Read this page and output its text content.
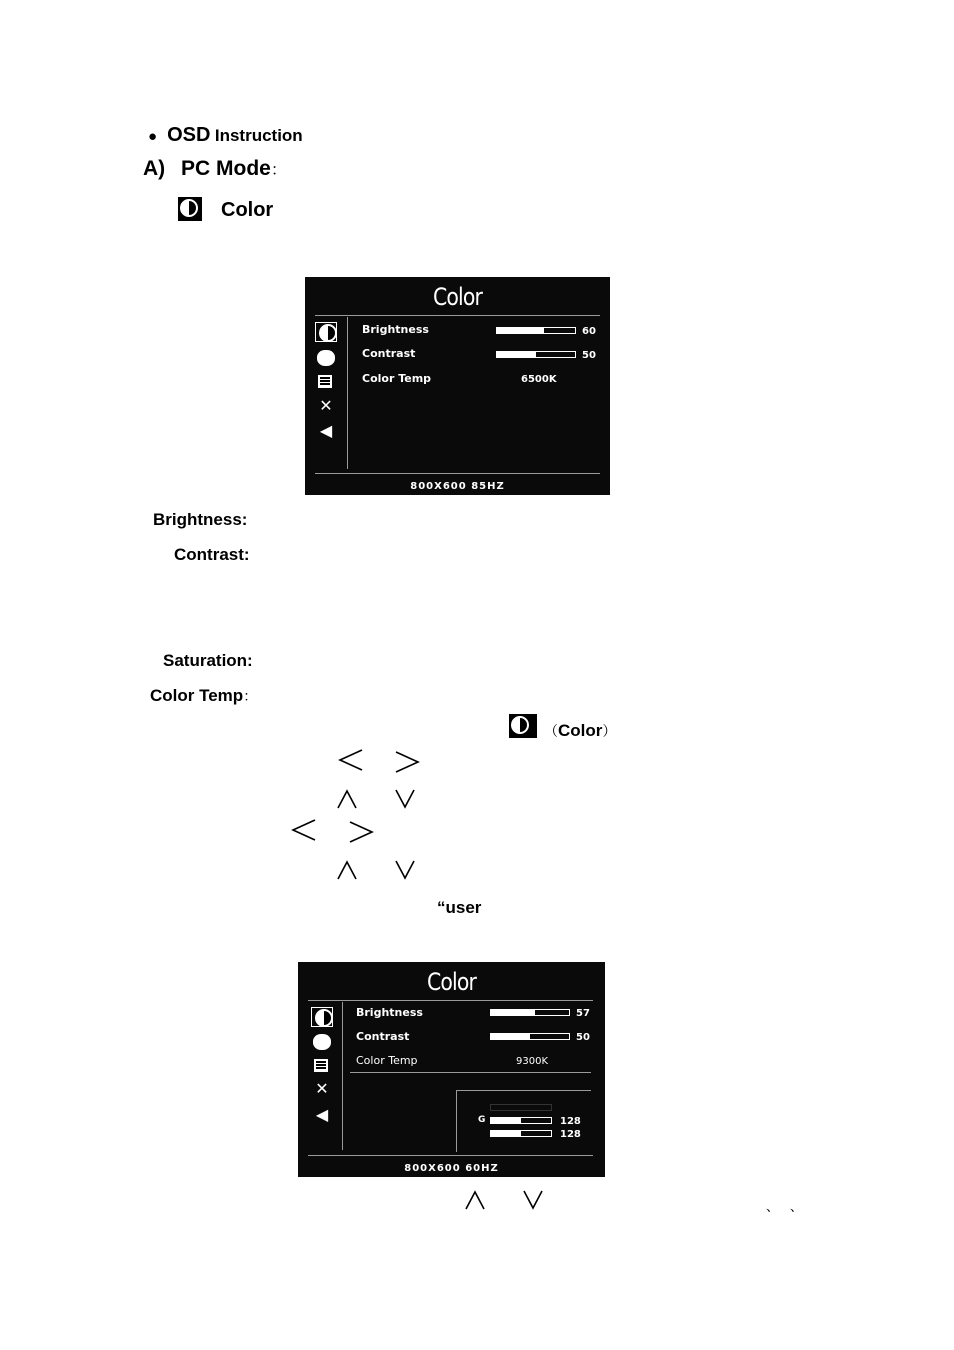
● OSD Instruction
A) PC Mode：
Color
Color
✕
◀
Brightness	60
Contrast	50
Color Temp	6500K
800X600 85HZ
Brightness:
Contrast:
Saturation:
Color Temp：
（Color）
“user
Color
✕
◀
Brightness	57
Contrast	50
Color Temp	9300K
G	128
128
800X600 60HZ
、   、
